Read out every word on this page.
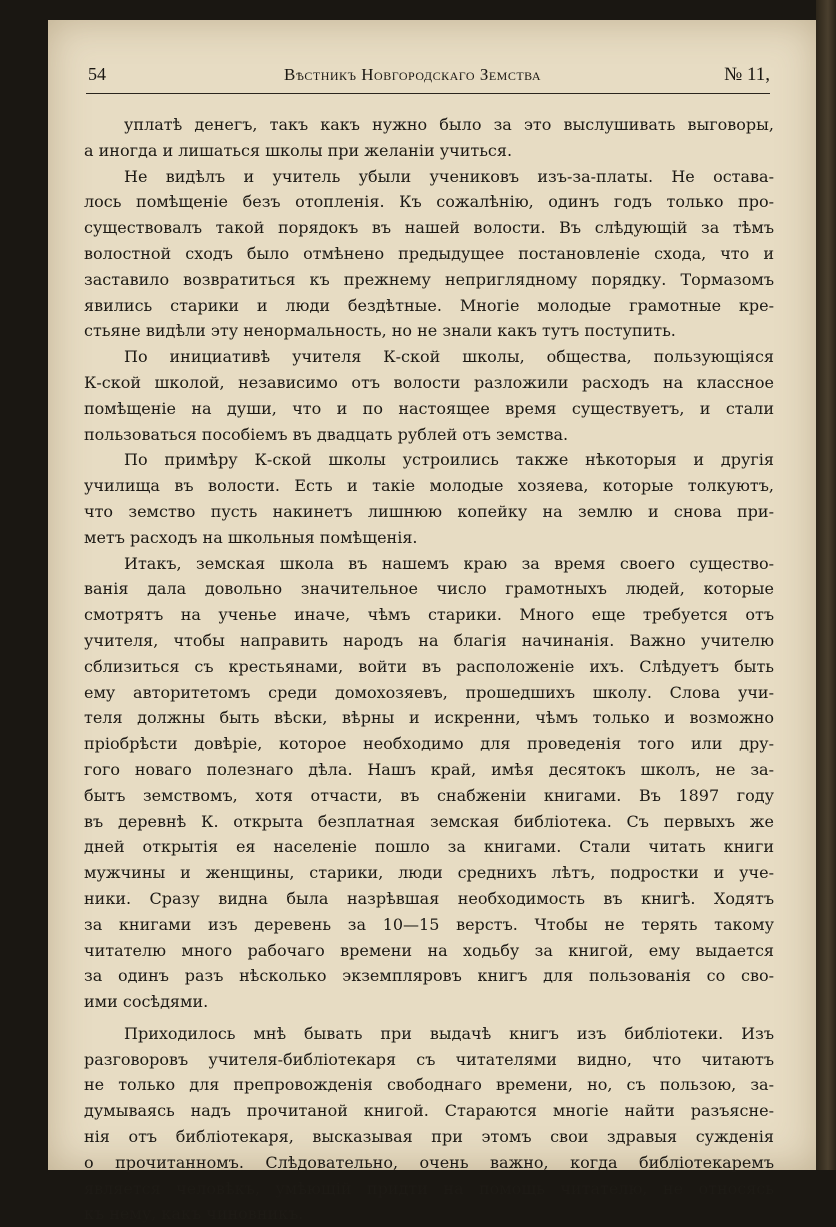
54	Вѣстникъ Новгородскаго Земства	№ 11,
уплатѣ денегъ, такъ какъ нужно было за это выслушивать выговоры,
а иногда и лишаться школы при желанiи учиться.
Не видѣлъ и учитель убыли учениковъ изъ-за-платы. Не остава-
лось помѣщенiе безъ отопленiя. Къ сожалѣнiю, одинъ годъ только про-
существовалъ такой порядокъ въ нашей волости. Въ слѣдующiй за тѣмъ
волостной сходъ было отмѣнено предыдущее постановленiе схода, что и
заставило возвратиться къ прежнему неприглядному порядку. Тормазомъ
явились старики и люди бездѣтные. Многiе молодые грамотные кре-
стьяне видѣли эту ненормальность, но не знали какъ тутъ поступить.
По инициативѣ учителя К-ской школы, общества, пользующiяся
К-ской школой, независимо отъ волости разложили расходъ на классное
помѣщенiе на души, что и по настоящее время существуетъ, и стали
пользоваться пособiемъ въ двадцать рублей отъ земства.
По примѣру К-ской школы устроились также нѣкоторыя и другiя
училища въ волости. Есть и такiе молодые хозяева, которые толкуютъ,
что земство пусть накинетъ лишнюю копейку на землю и снова при-
метъ расходъ на школьныя помѣщенiя.
Итакъ, земская школа въ нашемъ краю за время своего существо-
ванiя дала довольно значительное число грамотныхъ людей, которые
смотрятъ на ученье иначе, чѣмъ старики. Много еще требуется отъ
учителя, чтобы направить народъ на благiя начинанiя. Важно учителю
сблизиться съ крестьянами, войти въ расположенiе ихъ. Слѣдуетъ быть
ему авторитетомъ среди домохозяевъ, прошедшихъ школу. Слова учи-
теля должны быть вѣски, вѣрны и искренни, чѣмъ только и возможно
прiобрѣсти довѣрiе, которое необходимо для проведенiя того или дру-
гого новаго полезнаго дѣла. Нашъ край, имѣя десятокъ школъ, не за-
бытъ земствомъ, хотя отчасти, въ снабженiи книгами. Въ 1897 году
въ деревнѣ К. открыта безплатная земская библiотека. Съ первыхъ же
дней открытiя ея населенiе пошло за книгами. Стали читать книги
мужчины и женщины, старики, люди среднихъ лѣтъ, подростки и уче-
ники. Сразу видна была назрѣвшая необходимость въ книгѣ. Ходятъ
за книгами изъ деревень за 10—15 верстъ. Чтобы не терять такому
читателю много рабочаго времени на ходьбу за книгой, ему выдается
за одинъ разъ нѣсколько экземпляровъ книгъ для пользованiя со сво-
ими сосѣдями.
Приходилось мнѣ бывать при выдачѣ книгъ изъ библiотеки. Изъ
разговоровъ учителя-библiотекаря съ читателями видно, что читаютъ
не только для препровожденiя свободнаго времени, но, съ пользою, за-
думываясь надъ прочитаной книгой. Стараются многiе найти разъясне-
нiя отъ библiотекаря, высказывая при этомъ свои здравыя сужденiя
о прочитанномъ. Слѣдовательно, очень важно, когда библiотекаремъ
является человѣкъ, умѣющiй придти на помощь читателю, не относясь
къ нему, какъ чиновникъ.
